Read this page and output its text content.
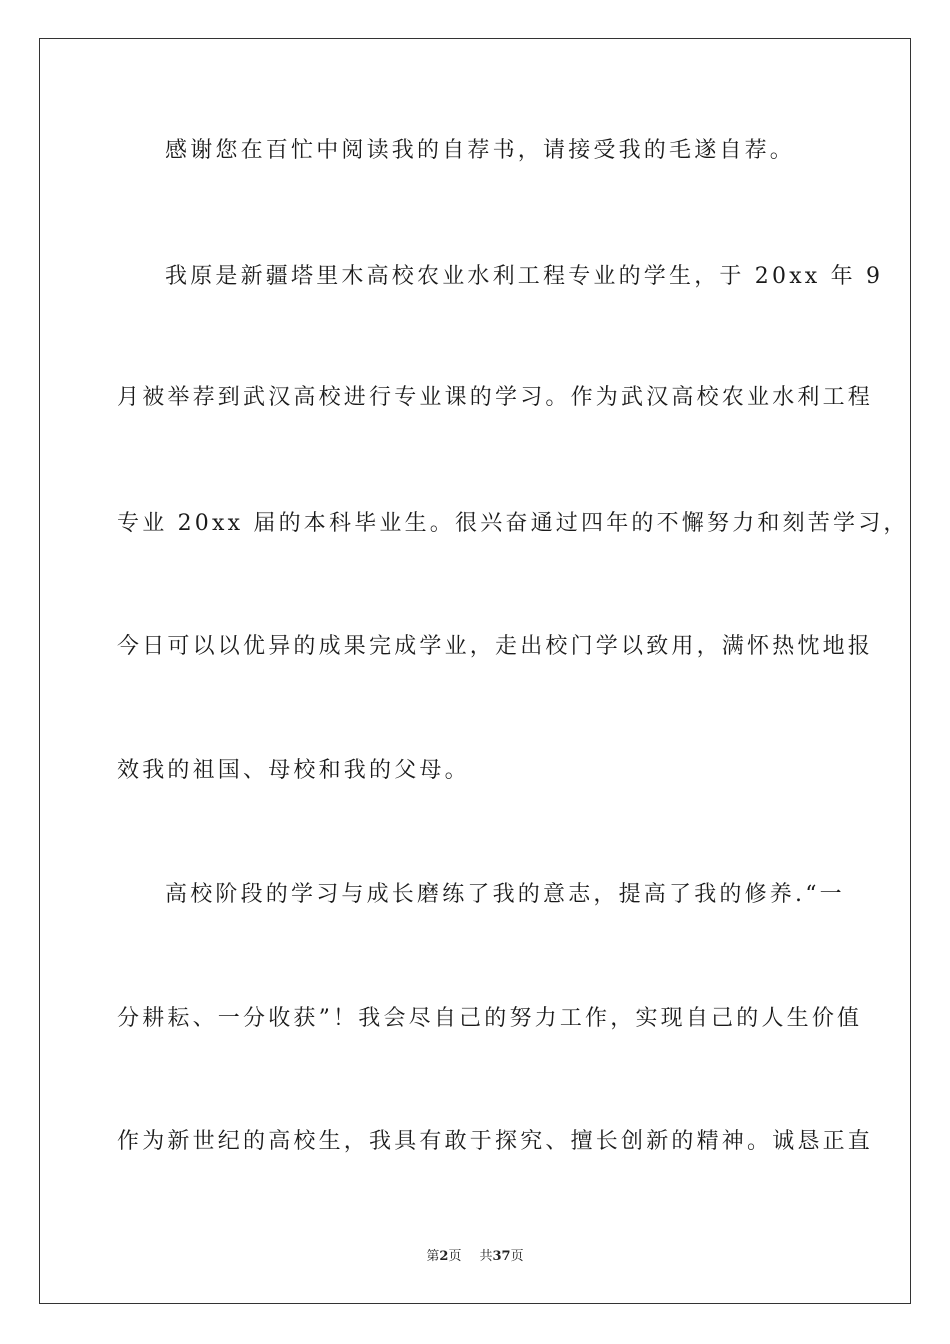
感谢您在百忙中阅读我的自荐书，请接受我的毛遂自荐。
我原是新疆塔里木高校农业水利工程专业的学生，于 20xx 年 9
月被举荐到武汉高校进行专业课的学习。作为武汉高校农业水利工程
专业 20xx 届的本科毕业生。很兴奋通过四年的不懈努力和刻苦学习，
今日可以以优异的成果完成学业，走出校门学以致用，满怀热忱地报
效我的祖国、母校和我的父母。
高校阶段的学习与成长磨练了我的意志，提高了我的修养.“一
分耕耘、一分收获”！我会尽自己的努力工作，实现自己的人生价值
作为新世纪的高校生，我具有敢于探究、擅长创新的精神。诚恳正直
第2页 共37页
